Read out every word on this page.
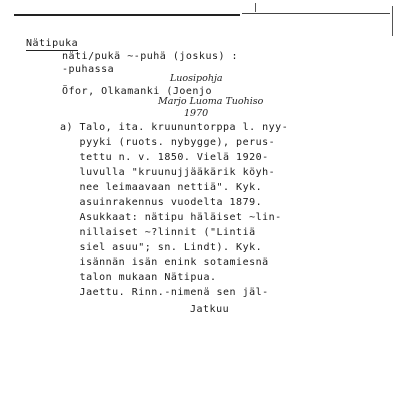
Nätipuka
näti/pukä ~-puhä (joskus) :
-puhassa
Luosipohja
Öfor, Olkamanki (Joenjo
Marjo Luoma Tuohiso
1970
a) Talo, ita. kruununtorppa l. nyy-
pyyki (ruots. nybygge), perus-
tettu n. v. 1850. Vielä 1920-
luvulla "kruunujjääkärik köyh-
nee leimaavaan nettiä". Kyk.
asuinrakennus vuodelta 1879.
Asukkaat: nätipu häläiset ~lin-
nillaiset ~?linnit ("Lintiä
siel asuu"; sn. Lindt). Kyk.
isännän isän enink sotamiesnä
talon mukaan Nätipua.
Jaettu. Rinn.-nimenä sen jäl-
Jatkuu
